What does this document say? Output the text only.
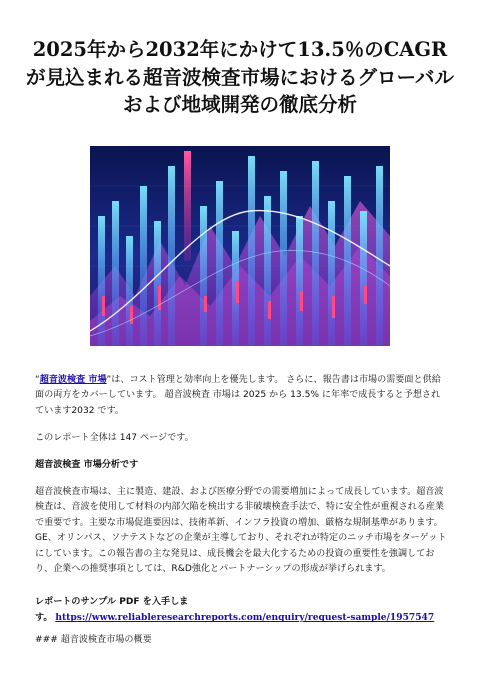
2025年から2032年にかけて13.5％のCAGRが見込まれる超音波検査市場におけるグローバルおよび地域開発の徹底分析

“超音波検査 市場”は、コスト管理と効率向上を優先します。 さらに、報告書は市場の需要面と供給面の両方をカバーしています。 超音波検査 市場は 2025 から 13.5% に年率で成長すると予想されています2032 です。

このレポート全体は 147 ページです。

超音波検査 市場分析です

超音波検査市場は、主に製造、建設、および医療分野での需要増加によって成長しています。超音波検査は、音波を使用して材料の内部欠陥を検出する非破壊検査手法で、特に安全性が重視される産業で重要です。主要な市場促進要因は、技術革新、インフラ投資の増加、厳格な規制基準があります。GE、オリンパス、ソナテストなどの企業が主導しており、それぞれが特定のニッチ市場をターゲットにしています。この報告書の主な発見は、成長機会を最大化するための投資の重要性を強調しており、企業への推奨事項としては、R&D強化とパートナーシップの形成が挙げられます。

レポートのサンプル PDF を入手します。 https://www.reliableresearchreports.com/enquiry/request-sample/1957547

### 超音波検査市場の概要
